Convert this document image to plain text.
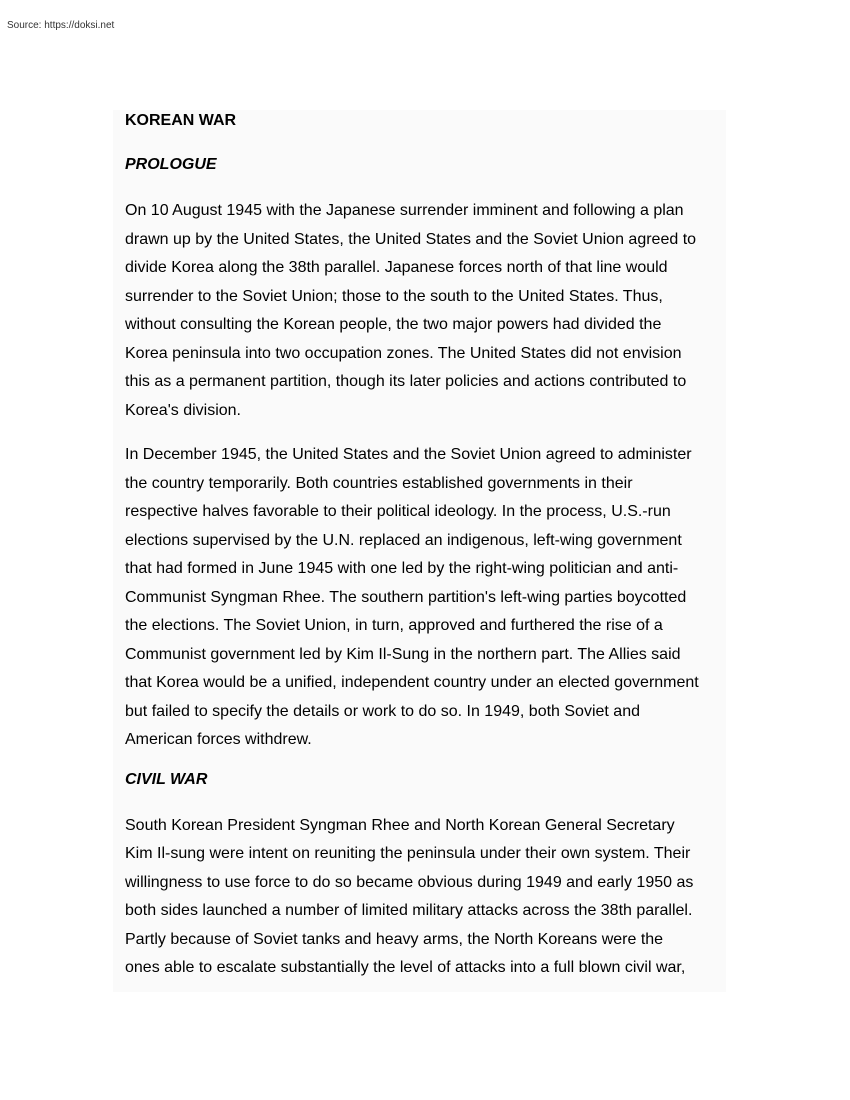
Source: https://doksi.net
KOREAN WAR
PROLOGUE

On 10 August 1945 with the Japanese surrender imminent and following a plan
drawn up by the United States, the United States and the Soviet Union agreed to
divide Korea along the 38th parallel. Japanese forces north of that line would
surrender to the Soviet Union; those to the south to the United States. Thus,
without consulting the Korean people, the two major powers had divided the
Korea peninsula into two occupation zones. The United States did not envision
this as a permanent partition, though its later policies and actions contributed to
Korea's division.

In December 1945, the United States and the Soviet Union agreed to administer
the country temporarily. Both countries established governments in their
respective halves favorable to their political ideology. In the process, U.S.-run
elections supervised by the U.N. replaced an indigenous, left-wing government
that had formed in June 1945 with one led by the right-wing politician and anti-
Communist Syngman Rhee. The southern partition's left-wing parties boycotted
the elections. The Soviet Union, in turn, approved and furthered the rise of a
Communist government led by Kim Il-Sung in the northern part. The Allies said
that Korea would be a unified, independent country under an elected government
but failed to specify the details or work to do so. In 1949, both Soviet and
American forces withdrew.

CIVIL WAR

South Korean President Syngman Rhee and North Korean General Secretary
Kim Il-sung were intent on reuniting the peninsula under their own system. Their
willingness to use force to do so became obvious during 1949 and early 1950 as
both sides launched a number of limited military attacks across the 38th parallel.
Partly because of Soviet tanks and heavy arms, the North Koreans were the
ones able to escalate substantially the level of attacks into a full blown civil war,
